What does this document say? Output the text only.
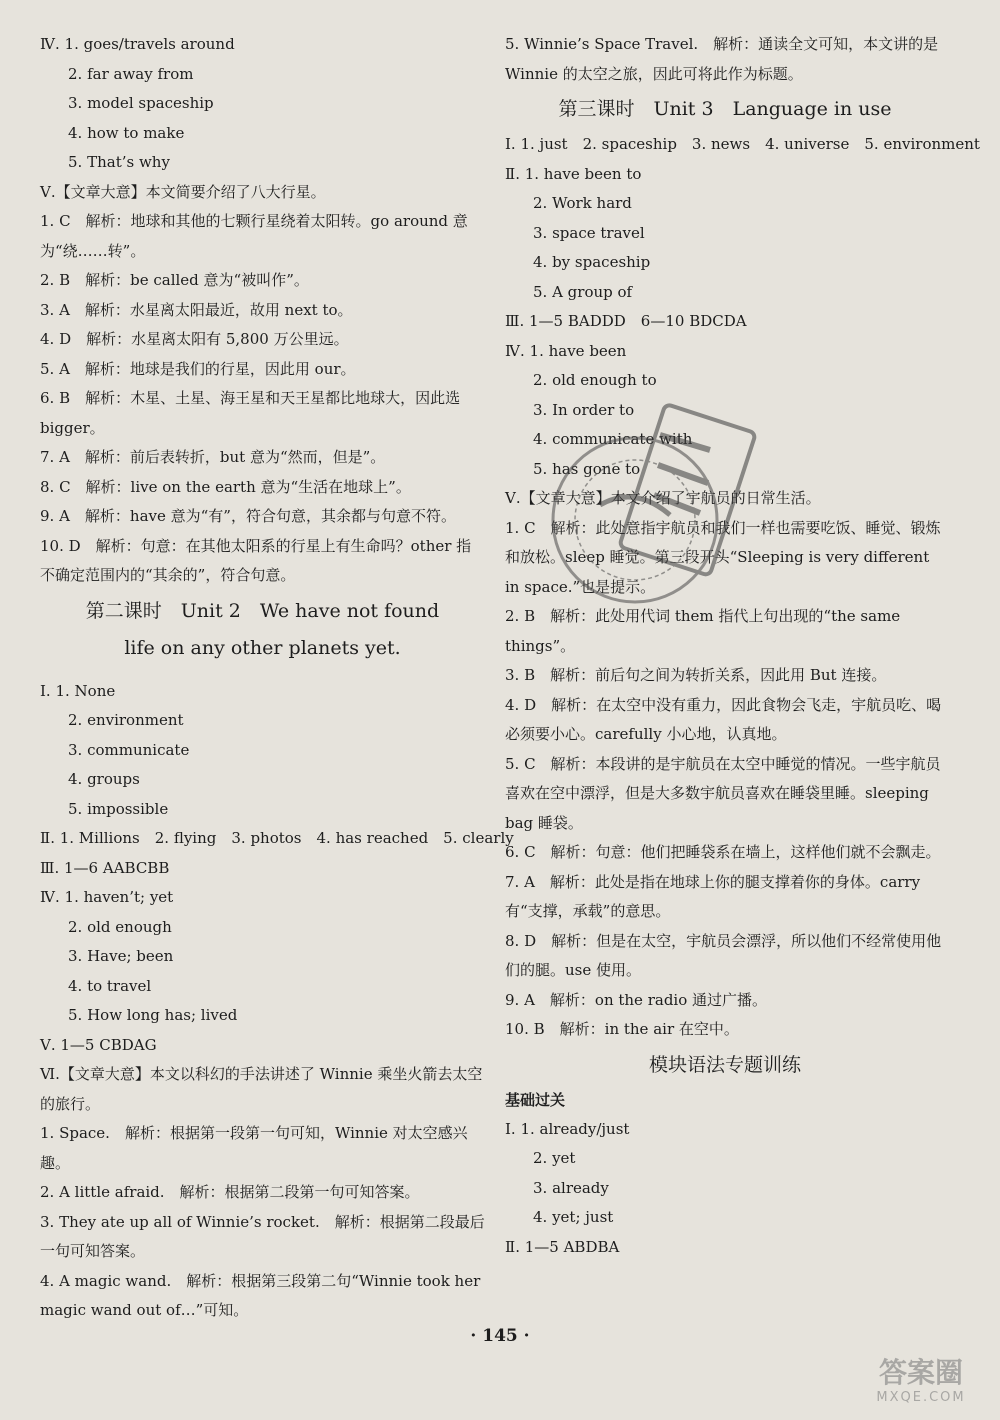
Ⅳ. 1. goes/travels around
2. far away from
3. model spaceship
4. how to make
5. That’s why
Ⅴ.【文章大意】本文简要介绍了八大行星。
1. C　解析：地球和其他的七颗行星绕着太阳转。go around 意为“绕……转”。
2. B　解析：be called 意为“被叫作”。
3. A　解析：水星离太阳最近，故用 next to。
4. D　解析：水星离太阳有 5,800 万公里远。
5. A　解析：地球是我们的行星，因此用 our。
6. B　解析：木星、土星、海王星和天王星都比地球大，因此选 bigger。
7. A　解析：前后表转折，but 意为“然而，但是”。
8. C　解析：live on the earth 意为“生活在地球上”。
9. A　解析：have 意为“有”，符合句意，其余都与句意不符。
10. D　解析：句意：在其他太阳系的行星上有生命吗？other 指不确定范围内的“其余的”，符合句意。
第二课时　Unit 2　We have not found
life on any other planets yet.
Ⅰ. 1. None
2. environment
3. communicate
4. groups
5. impossible
Ⅱ. 1. Millions　2. flying　3. photos　4. has reached　5. clearly
Ⅲ. 1—6 AABCBB
Ⅳ. 1. haven’t; yet
2. old enough
3. Have; been
4. to travel
5. How long has; lived
Ⅴ. 1—5 CBDAG
Ⅵ.【文章大意】本文以科幻的手法讲述了 Winnie 乘坐火箭去太空的旅行。
1. Space.　解析：根据第一段第一句可知，Winnie 对太空感兴趣。
2. A little afraid.　解析：根据第二段第一句可知答案。
3. They ate up all of Winnie’s rocket.　解析：根据第二段最后一句可知答案。
4. A magic wand.　解析：根据第三段第二句“Winnie took her magic wand out of…”可知。
5. Winnie’s Space Travel.　解析：通读全文可知，本文讲的是 Winnie 的太空之旅，因此可将此作为标题。
第三课时　Unit 3　Language in use
Ⅰ. 1. just　2. spaceship　3. news　4. universe　5. environment
Ⅱ. 1. have been to
2. Work hard
3. space travel
4. by spaceship
5. A group of
Ⅲ. 1—5 BADDD　6—10 BDCDA
Ⅳ. 1. have been
2. old enough to
3. In order to
4. communicate with
5. has gone to
Ⅴ.【文章大意】本文介绍了宇航员的日常生活。
1. C　解析：此处意指宇航员和我们一样也需要吃饭、睡觉、锻炼和放松。sleep 睡觉。第三段开头“Sleeping is very different in space.”也是提示。
2. B　解析：此处用代词 them 指代上句出现的“the same things”。
3. B　解析：前后句之间为转折关系，因此用 But 连接。
4. D　解析：在太空中没有重力，因此食物会飞走，宇航员吃、喝必须要小心。carefully 小心地，认真地。
5. C　解析：本段讲的是宇航员在太空中睡觉的情况。一些宇航员喜欢在空中漂浮，但是大多数宇航员喜欢在睡袋里睡。sleeping bag 睡袋。
6. C　解析：句意：他们把睡袋系在墙上，这样他们就不会飘走。
7. A　解析：此处是指在地球上你的腿支撑着你的身体。carry 有“支撑，承载”的意思。
8. D　解析：但是在太空，宇航员会漂浮，所以他们不经常使用他们的腿。use 使用。
9. A　解析：on the radio 通过广播。
10. B　解析：in the air 在空中。
模块语法专题训练
基础过关
Ⅰ. 1. already/just
2. yet
3. already
4. yet; just
Ⅱ. 1—5 ABDBA
· 145 ·
答案圈
MXQE.COM
